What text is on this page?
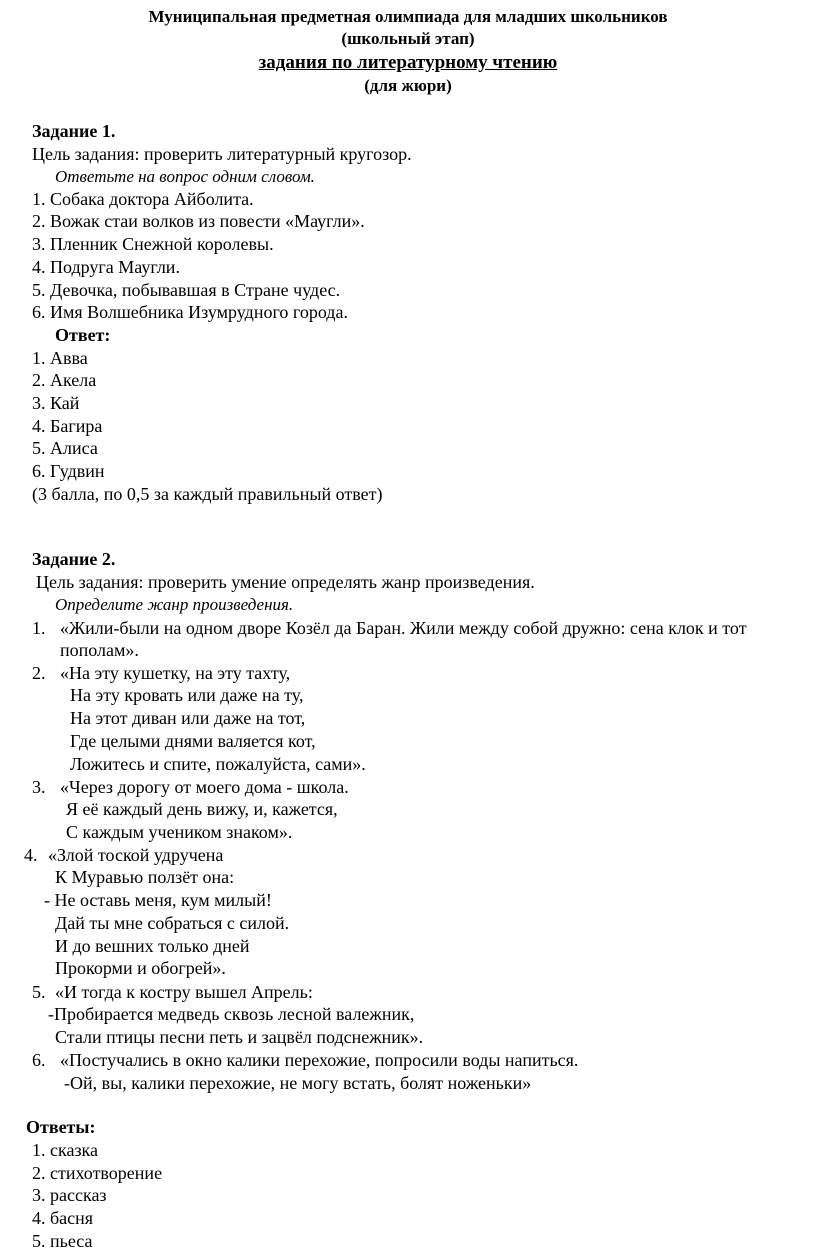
Муниципальная предметная олимпиада для младших школьников
(школьный этап)
задания по литературному чтению
(для жюри)
Задание 1.
Цель задания: проверить литературный кругозор.
Ответьте на вопрос одним словом.
1. Собака доктора Айболита.
2. Вожак стаи волков из повести «Маугли».
3. Пленник Снежной королевы.
4. Подруга Маугли.
5. Девочка, побывавшая в Стране чудес.
6. Имя Волшебника Изумрудного города.
Ответ:
1. Авва
2. Акела
3. Кай
4. Багира
5. Алиса
6. Гудвин
(3 балла, по 0,5 за каждый правильный ответ)
Задание 2.
Цель задания: проверить умение определять жанр произведения.
Определите жанр произведения.
1. «Жили-были на одном дворе Козёл да Баран. Жили между собой дружно: сена клок и тот
пополам».
2. «На эту кушетку, на эту тахту,
На эту кровать или даже на ту,
На этот диван или даже на тот,
Где целыми днями валяется кот,
Ложитесь и спите, пожалуйста, сами».
3. «Через дорогу от моего дома - школа.
Я её каждый день вижу, и, кажется,
С каждым учеником знаком».
4. «Злой тоской удручена
К Муравью ползёт она:
- Не оставь меня, кум милый!
Дай ты мне собраться с силой.
И до вешних только дней
Прокорми и обогрей».
5. «И тогда к костру вышел Апрель:
-Пробирается медведь сквозь лесной валежник,
Стали птицы песни петь и зацвёл подснежник».
6. «Постучались в окно калики перехожие, попросили воды напиться.
-Ой, вы, калики перехожие, не могу встать, болят ноженьки»
Ответы:
1. сказка
2. стихотворение
3. рассказ
4. басня
5. пьеса
